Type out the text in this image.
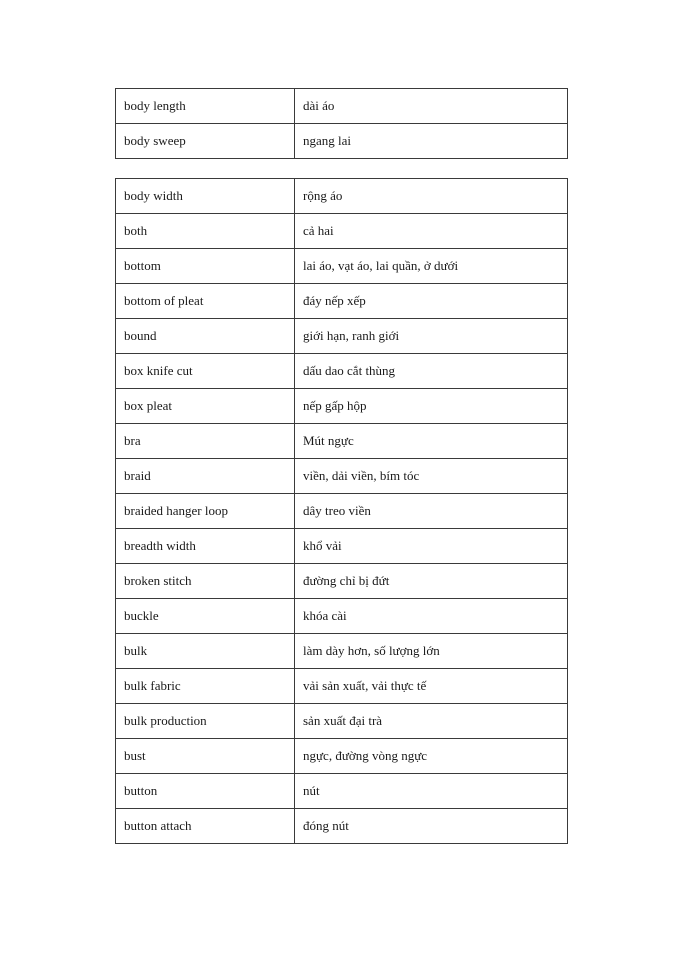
body length	dài áo
body sweep	ngang lai
body width	rộng áo
both	cả hai
bottom	lai áo, vạt áo, lai quần, ở dưới
bottom of pleat	đáy nếp xếp
bound	giới hạn, ranh giới
box knife cut	dấu dao cắt thùng
box pleat	nếp gấp hộp
bra	Mút ngực
braid	viền, dải viền, bím tóc
braided hanger loop	dây treo viền
breadth width	khổ vải
broken stitch	đường chỉ bị đứt
buckle	khóa cài
bulk	làm dày hơn, số lượng lớn
bulk fabric	vải sản xuất, vải thực tế
bulk production	sản xuất đại trà
bust	ngực, đường vòng ngực
button	nút
button attach	đóng nút
